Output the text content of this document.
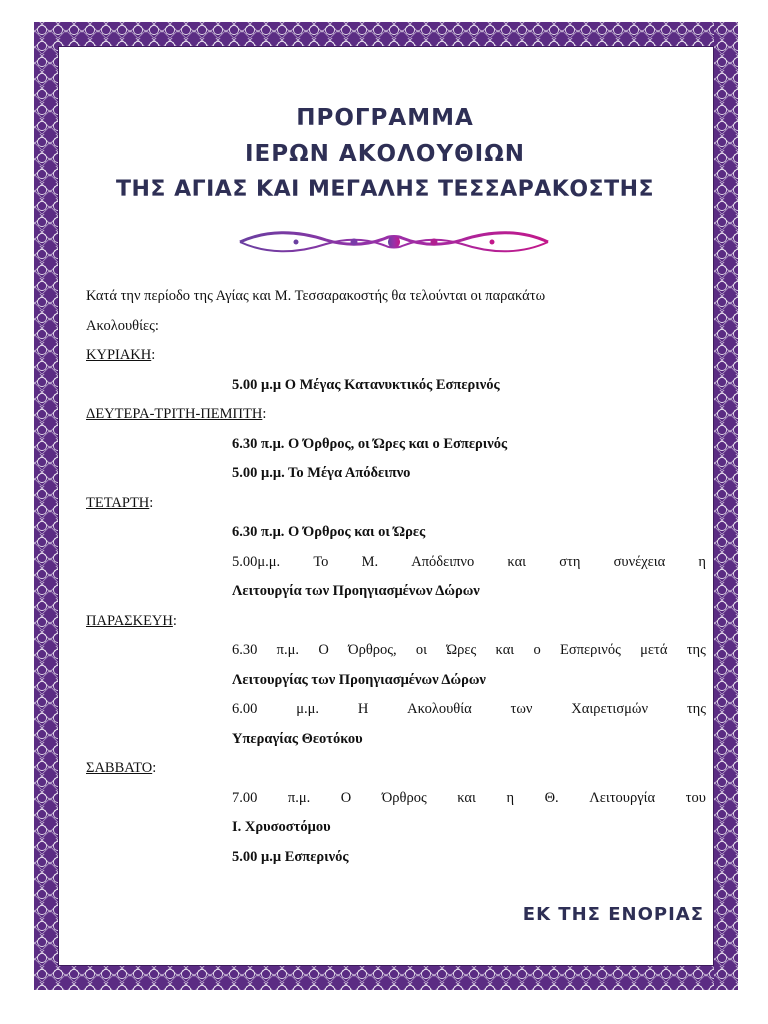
ΠΡΟΓΡΑΜΜΑ
ΙΕΡΩΝ ΑΚΟΛΟΥΘΙΩΝ
ΤΗΣ ΑΓΙΑΣ ΚΑΙ ΜΕΓΑΛΗΣ ΤΕΣΣΑΡΑΚΟΣΤΗΣ
Κατά την περίοδο της Αγίας και Μ. Τεσσαρακοστής θα τελούνται οι παρακάτω
Ακολουθίες:
ΚΥΡΙΑΚΗ:
5.00 μ.μ Ο Μέγας Κατανυκτικός Εσπερινός
ΔΕΥΤΕΡΑ-ΤΡΙΤΗ-ΠΕΜΠΤΗ:
6.30 π.μ. Ο Όρθρος, οι Ώρες και ο Εσπερινός
5.00 μ.μ. Το Μέγα Απόδειπνο
ΤΕΤΑΡΤΗ:
6.30 π.μ. Ο Όρθρος και οι Ώρες
5.00μ.μ. Το Μ. Απόδειπνο και στη συνέχεια η
Λειτουργία των Προηγιασμένων Δώρων
ΠΑΡΑΣΚΕΥΗ:
6.30 π.μ. Ο Όρθρος, οι Ώρες και ο Εσπερινός μετά της
Λειτουργίας των Προηγιασμένων Δώρων
6.00	μ.μ.	Η	Ακολουθία	των	Χαιρετισμών	της
Υπεραγίας Θεοτόκου
ΣΑΒΒΑΤΟ:
7.00 π.μ. Ο Όρθρος και η Θ. Λειτουργία του
Ι. Χρυσοστόμου
5.00 μ.μ Εσπερινός
ΕΚ ΤΗΣ ΕΝΟΡΙΑΣ
